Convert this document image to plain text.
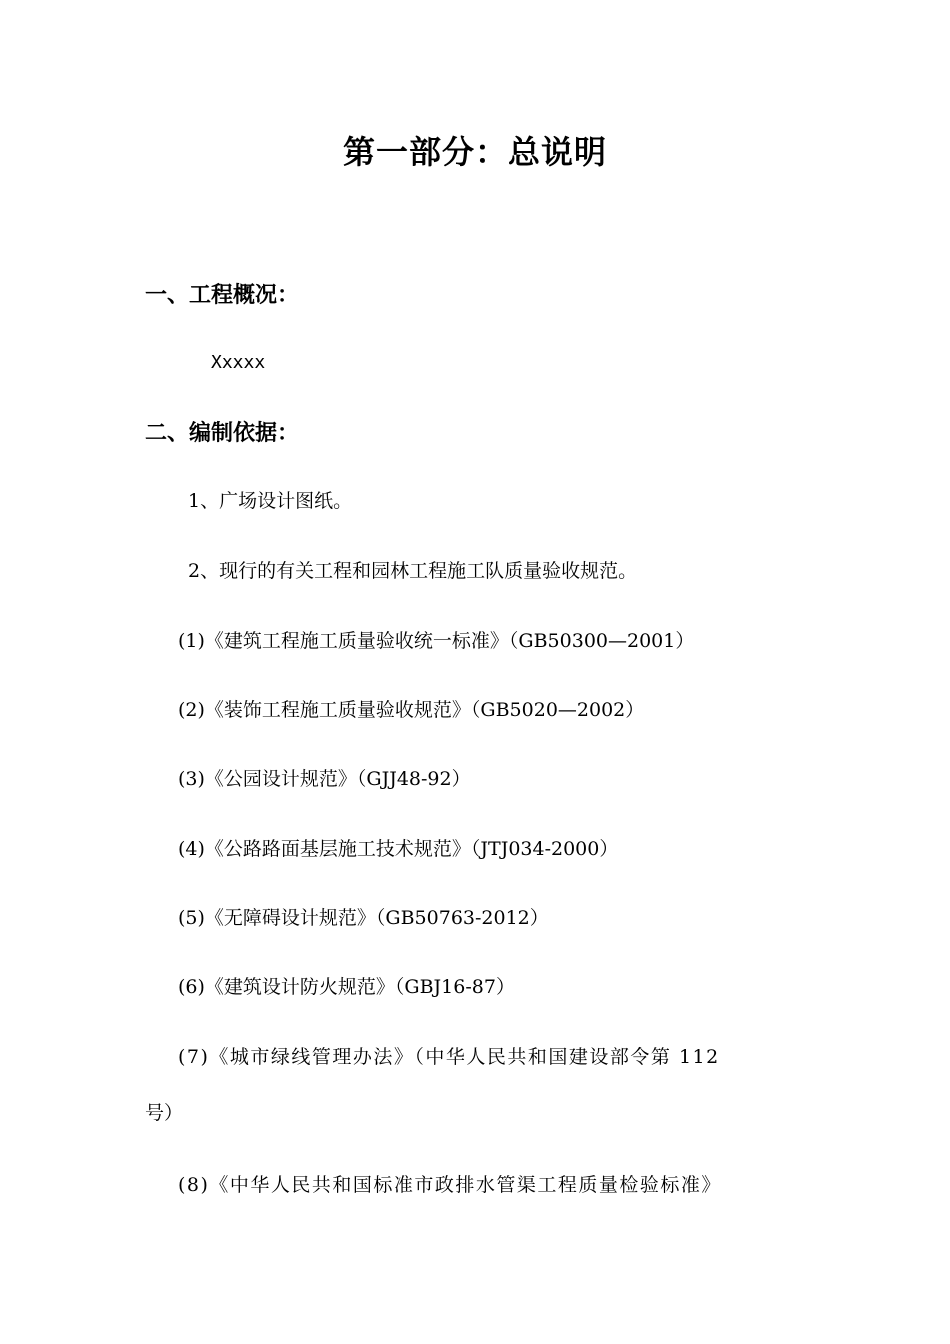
第一部分：总说明
一、工程概况：

Xxxxx

二、编制依据：

1、广场设计图纸。

2、现行的有关工程和园林工程施工队质量验收规范。

(1)《建筑工程施工质量验收统一标准》（GB50300—2001）

(2)《装饰工程施工质量验收规范》（GB5020—2002）

(3)《公园设计规范》（GJJ48-92）

(4)《公路路面基层施工技术规范》（JTJ034-2000）

(5)《无障碍设计规范》（GB50763-2012）

(6)《建筑设计防火规范》（GBJ16-87）

(7)《城市绿线管理办法》（中华人民共和国建设部令第 112

号）

(8)《中华人民共和国标准市政排水管渠工程质量检验标准》
